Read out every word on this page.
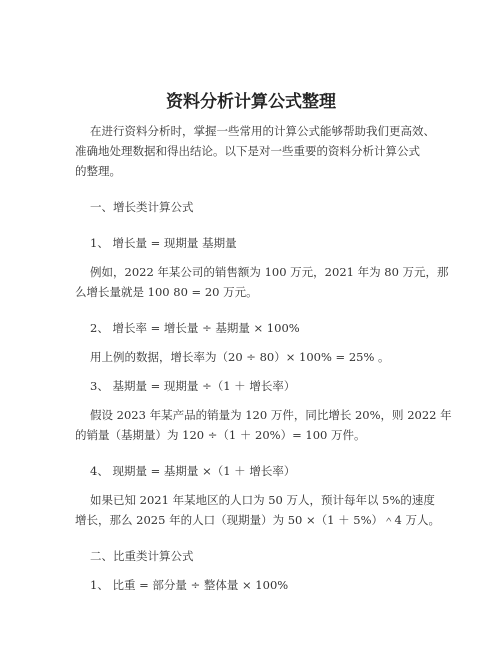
资料分析计算公式整理

在进行资料分析时，掌握一些常用的计算公式能够帮助我们更高效、

准确地处理数据和得出结论。以下是对一些重要的资料分析计算公式

的整理。

一、增长类计算公式

1、 增长量 = 现期量 基期量

例如，2022 年某公司的销售额为 100 万元，2021 年为 80 万元，那

么增长量就是 100 80 = 20 万元。

2、 增长率 = 增长量 ÷ 基期量 × 100%

用上例的数据，增长率为（20 ÷ 80）× 100% = 25% 。

3、 基期量 = 现期量 ÷（1 ＋ 增长率）

假设 2023 年某产品的销量为 120 万件，同比增长 20%，则 2022 年

的销量（基期量）为 120 ÷（1 ＋ 20%）= 100 万件。

4、 现期量 = 基期量 ×（1 ＋ 增长率）

如果已知 2021 年某地区的人口为 50 万人，预计每年以 5%的速度

增长，那么 2025 年的人口（现期量）为 50 ×（1 ＋ 5%）＾4 万人。

二、比重类计算公式

1、 比重 = 部分量 ÷ 整体量 × 100%
